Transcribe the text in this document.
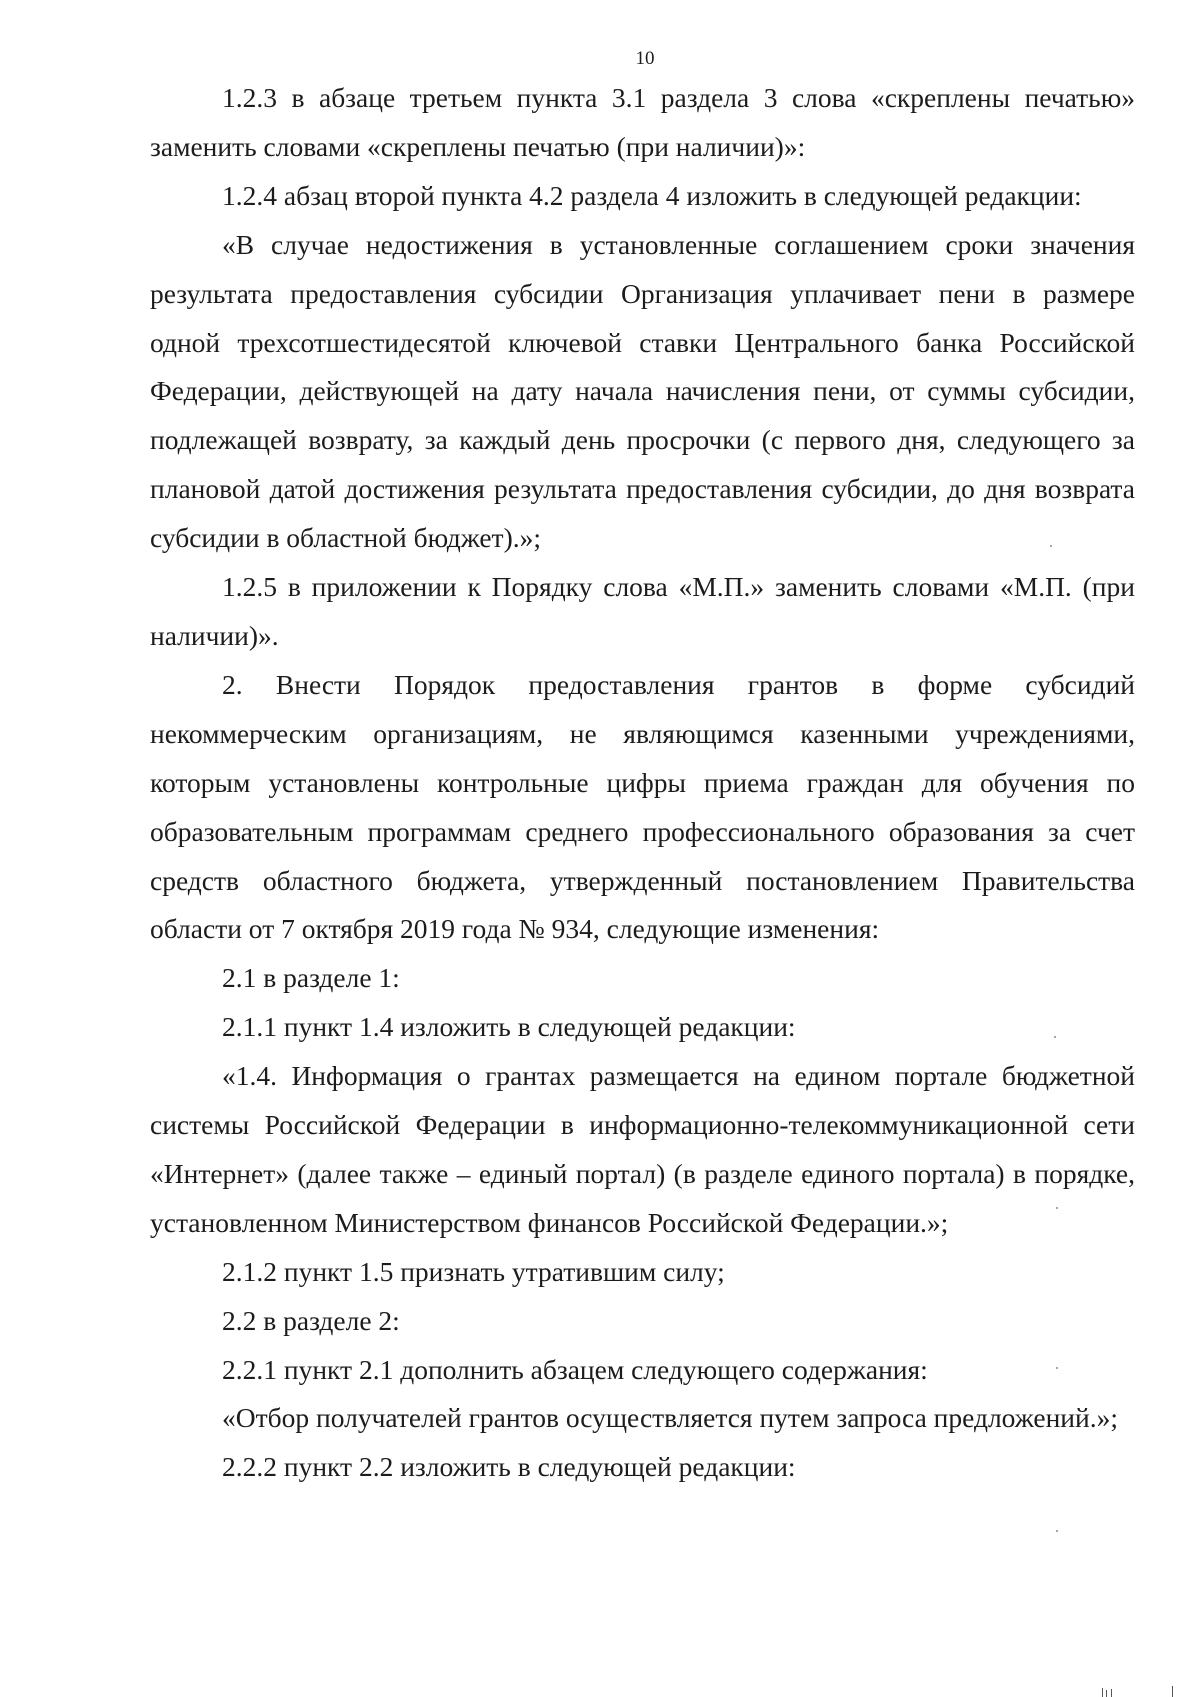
10

1.2.3 в абзаце третьем пункта 3.1 раздела 3 слова «скреплены печатью» заменить словами «скреплены печатью (при наличии)»:

1.2.4 абзац второй пункта 4.2 раздела 4 изложить в следующей редакции:

«В случае недостижения в установленные соглашением сроки значения результата предоставления субсидии Организация уплачивает пени в размере одной трехсотшестидесятой ключевой ставки Центрального банка Российской Федерации, действующей на дату начала начисления пени, от суммы субсидии, подлежащей возврату, за каждый день просрочки (с первого дня, следующего за плановой датой достижения результата предоставления субсидии, до дня возврата субсидии в областной бюджет).»;

1.2.5 в приложении к Порядку слова «М.П.» заменить словами «М.П. (при наличии)».

2. Внести Порядок предоставления грантов в форме субсидий некоммерческим организациям, не являющимся казенными учреждениями, которым установлены контрольные цифры приема граждан для обучения по образовательным программам среднего профессионального образования за счет средств областного бюджета, утвержденный постановлением Правительства области от 7 октября 2019 года № 934, следующие изменения:

2.1 в разделе 1:

2.1.1 пункт 1.4 изложить в следующей редакции:

«1.4. Информация о грантах размещается на едином портале бюджетной системы Российской Федерации в информационно-телекоммуникационной сети «Интернет» (далее также – единый портал) (в разделе единого портала) в порядке, установленном Министерством финансов Российской Федерации.»;

2.1.2 пункт 1.5 признать утратившим силу;

2.2 в разделе 2:

2.2.1 пункт 2.1 дополнить абзацем следующего содержания:

«Отбор получателей грантов осуществляется путем запроса предложений.»;

2.2.2 пункт 2.2 изложить в следующей редакции:
